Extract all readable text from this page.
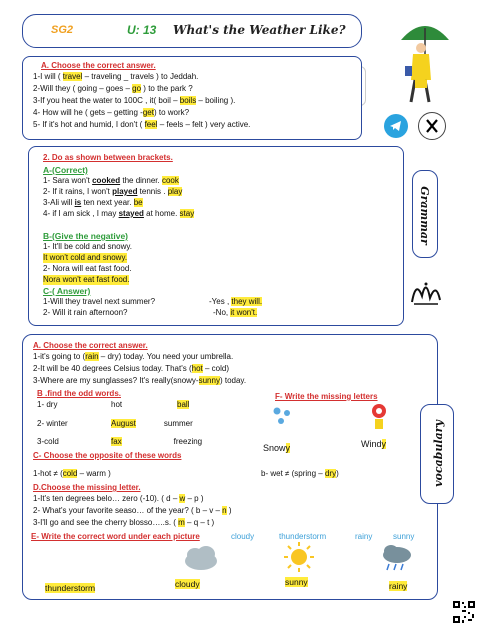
SG2	U: 13 What's the Weather Like?
A. Choose the correct answer.
1-I will ( travel – traveling _ travels ) to Jeddah.
2-Will they ( going – goes – go ) to the park ?
3-If you heat the water to 100C , it( boil – boils – boiling ).
4- How will he ( gets – getting -get) to work?
5- If it's hot and humid, I don't ( feel – feels – felt ) very active.
2. Do as shown between brackets.
A-(Correct)
1- Sara won't cooked the dinner. cook
2- If it rains, I won't played tennis . play
3-Ali will is ten next year. be
4- if I am sick , I may stayed at home. stay
B-(Give the negative)
1- It'll be cold and snowy.
It won't cold and snowy.
2- Nora will eat fast food.
Nora won't eat fast food.
C-( Answer)
1-Will they travel next summer?	-Yes , they will.
2- Will it rain afternoon?	-No, it won't.
Grammar
A. Choose the correct answer.
1-it's going to (rain – dry) today. You need your umbrella.
2-It will be 40 degrees Celsius today. That's (hot – cold)
3-Where are my sunglasses? It's really(snowy-sunny) today.
B .find the odd words.
1- dry	hot	ball
2- winter	August	summer
3-cold	fax	freezing
F- Write the missing letters
Snowy	Windy
C- Choose the opposite of these words
1-hot ≠ (cold – warm )	b- wet ≠ (spring – dry)
D.Choose the missing letter.
1-It's ten degrees belo… zero (-10). ( d – w – p )
2- What's your favorite seaso… of the year? ( b – v – n )
3-I'll go and see the cherry blosso…..s. ( m – q – t )
E- Write the correct word under each picture	cloudy	thunderstorm	rainy	sunny
thunderstorm	cloudy	sunny	rainy
vocabulary
